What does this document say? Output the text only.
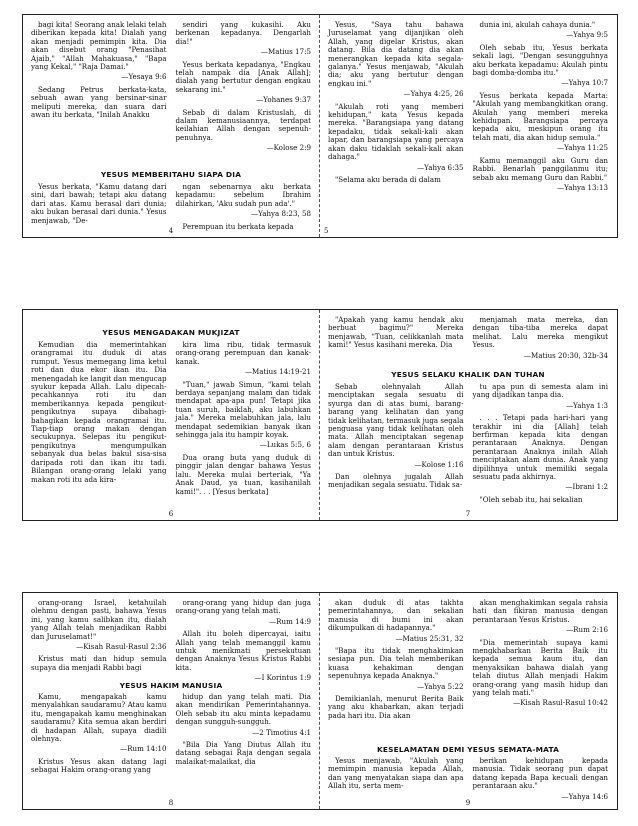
bagi kita! Seorang anak lelaki telah diberikan kepada kita! Dialah yang akan menjadi pemimpin kita. Dia akan disebut orang "Penasihat Ajaib," "Allah Mahakuasa," "Bapa yang Kekal," "Raja Damai."

—Yesaya 9:6

Sedang Petrus berkata-kata, sebuah awan yang bersinar-sinar meliputi mereka, dan suara dari awan itu berkata, "Inilah Anakku

sendiri yang kukasihi. Aku berkenan kepadanya. Dengarlah dia!"

—Matius 17:5

Yesus berkata kepadanya, "Engkau telah nampak dia [Anak Allah]; dialah yang bertutur dengan engkau sekarang ini."

—Yohanes 9:37

Sebab di dalam Kristuslah, di dalam kemanusiaannya, terdapat keilahian Allah dengan sepenuh-penuhnya.

—Kolose 2:9

YESUS MEMBERITAHU SIAPA DIA

Yesus berkata, "Kamu datang dari sini, dari bawah; tetapi aku datang dari atas. Kamu berasal dari dunia; aku bukan berasal dari dunia." Yesus menjawab, "De-

ngan sebenarnya aku berkata kepadamu: sebelum Ibrahim dilahirkan, 'Aku sudah pun ada'."

—Yahya 8:23, 58

Perempuan itu berkata kepada

4

Yesus, "Saya tahu bahawa Juruselamat yang dijanjikan oleh Allah, yang digelar Kristus, akan datang. Bila dia datang dia akan menerangkan kepada kita segala-galanya." Yesus menjawab, "Akulah dia; aku yang bertutur dengan engkau ini."

—Yahya 4:25, 26

"Akulah roti yang memberi kehidupan," kata Yesus kepada mereka. "Barangsiapa yang datang kepadaku, tidak sekali-kali akan lapar, dan barangsiapa yang percaya akan daku tidaklah sekali-kali akan dahaga."

—Yahya 6:35

"Selama aku berada di dalam

dunia ini, akulah cahaya dunia."

—Yahya 9:5

Oleh sebab itu, Yesus berkata sekali lagi, "Dengan sesungguhnya aku berkata kepadamu: Akulah pintu bagi domba-domba itu."

—Yahya 10:7

Yesus berkata kepada Marta: "Akulah yang membangkitkan orang. Akulah yang memberi mereka kehidupan. Barangsiapa percaya kepada aku, meskipun orang itu telah mati, dia akan hidup semula."

—Yahya 11:25

Kamu memanggil aku Guru dan Rabbi. Benarlah panggilanmu itu; sebab aku memang Guru dan Rabbi."

—Yahya 13:13

5
YESUS MENGADAKAN MUKJIZAT

Kemudian dia memerintahkan orangramai itu duduk di atas rumput. Yesus memegang lima ketul roti dan dua ekor ikan itu. Dia menengadah ke langit dan mengucap syukur kepada Allah. Lalu dipecah-pecahkannya roti itu dan memberikannya kepada pengikut-pengikutnya supaya dibahagi-bahagikan kepada orangramai itu. Tiap-tiap orang makan dengan secukupnya. Selepas itu pengikut-pengikutnya mengumpulkan sebanyak dua belas bakul sisa-sisa daripada roti dan ikan itu tadi. Bilangan orang-orang lelaki yang makan roti itu ada kira-

kira lima ribu, tidak termasuk orang-orang perempuan dan kanak-kanak.

—Matius 14:19-21

"Tuan," jawab Simun, "kami telah berdaya sepanjang malam dan tidak mendapat apa-apa pun! Tetapi jika tuan suruh, baiklah, aku labuhkan jala." Mereka melabuhkan jala, lalu mendapat sedemikian banyak ikan sehingga jala itu hampir koyak.

—Lukas 5:5, 6

Dua orang buta yang duduk di pinggir jalan dengar bahawa Yesus lalu. Mereka mulai berteriak, "Ya Anak Daud, ya tuan, kasihanilah kami!". . . [Yesus berkata]

6

"Apakah yang kamu hendak aku berbuat bagimu?" Mereka menjawab, "Tuan, celikkanlah mata kami!" Yesus kasihani mereka. Dia

menjamah mata mereka, dan dengan tiba-tiba mereka dapat melihat. Lalu mereka mengikut Yesus.

—Matius 20:30, 32b-34

YESUS SELAKU KHALIK DAN TUHAN

Sebab olehnyalah Allah menciptakan segala sesuatu di syurga dan di atas bumi, barang-barang yang kelihatan dan yang tidak kelihatan, termasuk juga segala penguasa yang tidak kelihatan oleh mata. Allah menciptakan segenap alam dengan perantaraan Kristus dan untuk Kristus.

—Kolose 1:16

Dan olehnya jugalah Allah menjadikan segala sesuatu. Tidak sa-

tu apa pun di semesta alam ini yang dijadikan tanpa dia.

—Yahya 1:3

. . . Tetapi pada hari-hari yang terakhir ini dia [Allah] telah berfirman kepada kita dengan perantaraan Anaknya. Dengan perantaraan Anaknya inilah Allah menciptakan alam dunia. Anak yang dipilihnya untuk memiliki segala sesuatu pada akhirnya.

—Ibrani 1:2

"Oleh sebab itu, hai sekalian

7

orang-orang Israel, ketahuilah olehmu dengan pasti, bahawa Yesus ini, yang kamu salibkan itu, dialah yang Allah telah menjadikan Rabbi dan Juruselamat!"

—Kisah Rasul-Rasul 2:36

Kristus mati dan hidup semula supaya dia menjadi Rabbi bagi

orang-orang yang hidup dan juga orang-orang yang telah mati.

—Rum 14:9

Allah itu boleh dipercayai, iaitu Allah yang telah memanggil kamu untuk menikmati persekutuan dengan Anaknya Yesus Kristus Rabbi kita.

—I Korintus 1:9

YESUS HAKIM MANUSIA

Kamu, mengapakah kamu menyalahkan saudaramu? Atau kamu itu, mengapakah kamu menghinakan saudaramu? Kita semua akan berdiri di hadapan Allah, supaya diadili olehnya.

—Rum 14:10

Kristus Yesus akan datang lagi sebagai Hakim orang-orang yang

hidup dan yang telah mati. Dia akan mendirikan Pemerintahannya. Oleh sebab itu aku minta kepadamu dengan sungguh-sungguh.

—2 Timotius 4:1

"Bila Dia Yang Diutus Allah itu datang sebagai Raja dengan segala malaikat-malaikat, dia

8

akan duduk di atas takhta pemerintahannya, dan sekalian manusia di bumi ini akan dikumpulkan di hadapannya."

—Matius 25:31, 32

"Bapa itu tidak menghakimkan sesiapa pun. Dia telah memberikan kuasa kehakiman dengan sepenuhnya kepada Anaknya."

—Yahya 5:22

Demikianlah, menurut Berita Baik yang aku khabarkan, akan terjadi pada hari itu. Dia akan

akan menghakimkan segala rahsia hati dan fikiran manusia dengan perantaraan Yesus Kristus.

—Rum 2:16

"Dia memerintah supaya kami mengkhabarkan Berita Baik itu kepada semua kaum itu, dan menyaksikan bahawa dialah yang telah diutus Allah menjadi Hakim orang-orang yang masih hidup dan yang telah mati."

—Kisah Rasul-Rasul 10:42

KESELAMATAN DEMI YESUS SEMATA-MATA

Yesus menjawab, "Akulah yang memimpin manusia kepada Allah, dan yang menyatakan siapa dan apa Allah itu, serta mem-

berikan kehidupan kepada manusia. Tidak seorang pun dapat datang kepada Bapa kecuali dengan perantaraan aku."

—Yahya 14:6

9
